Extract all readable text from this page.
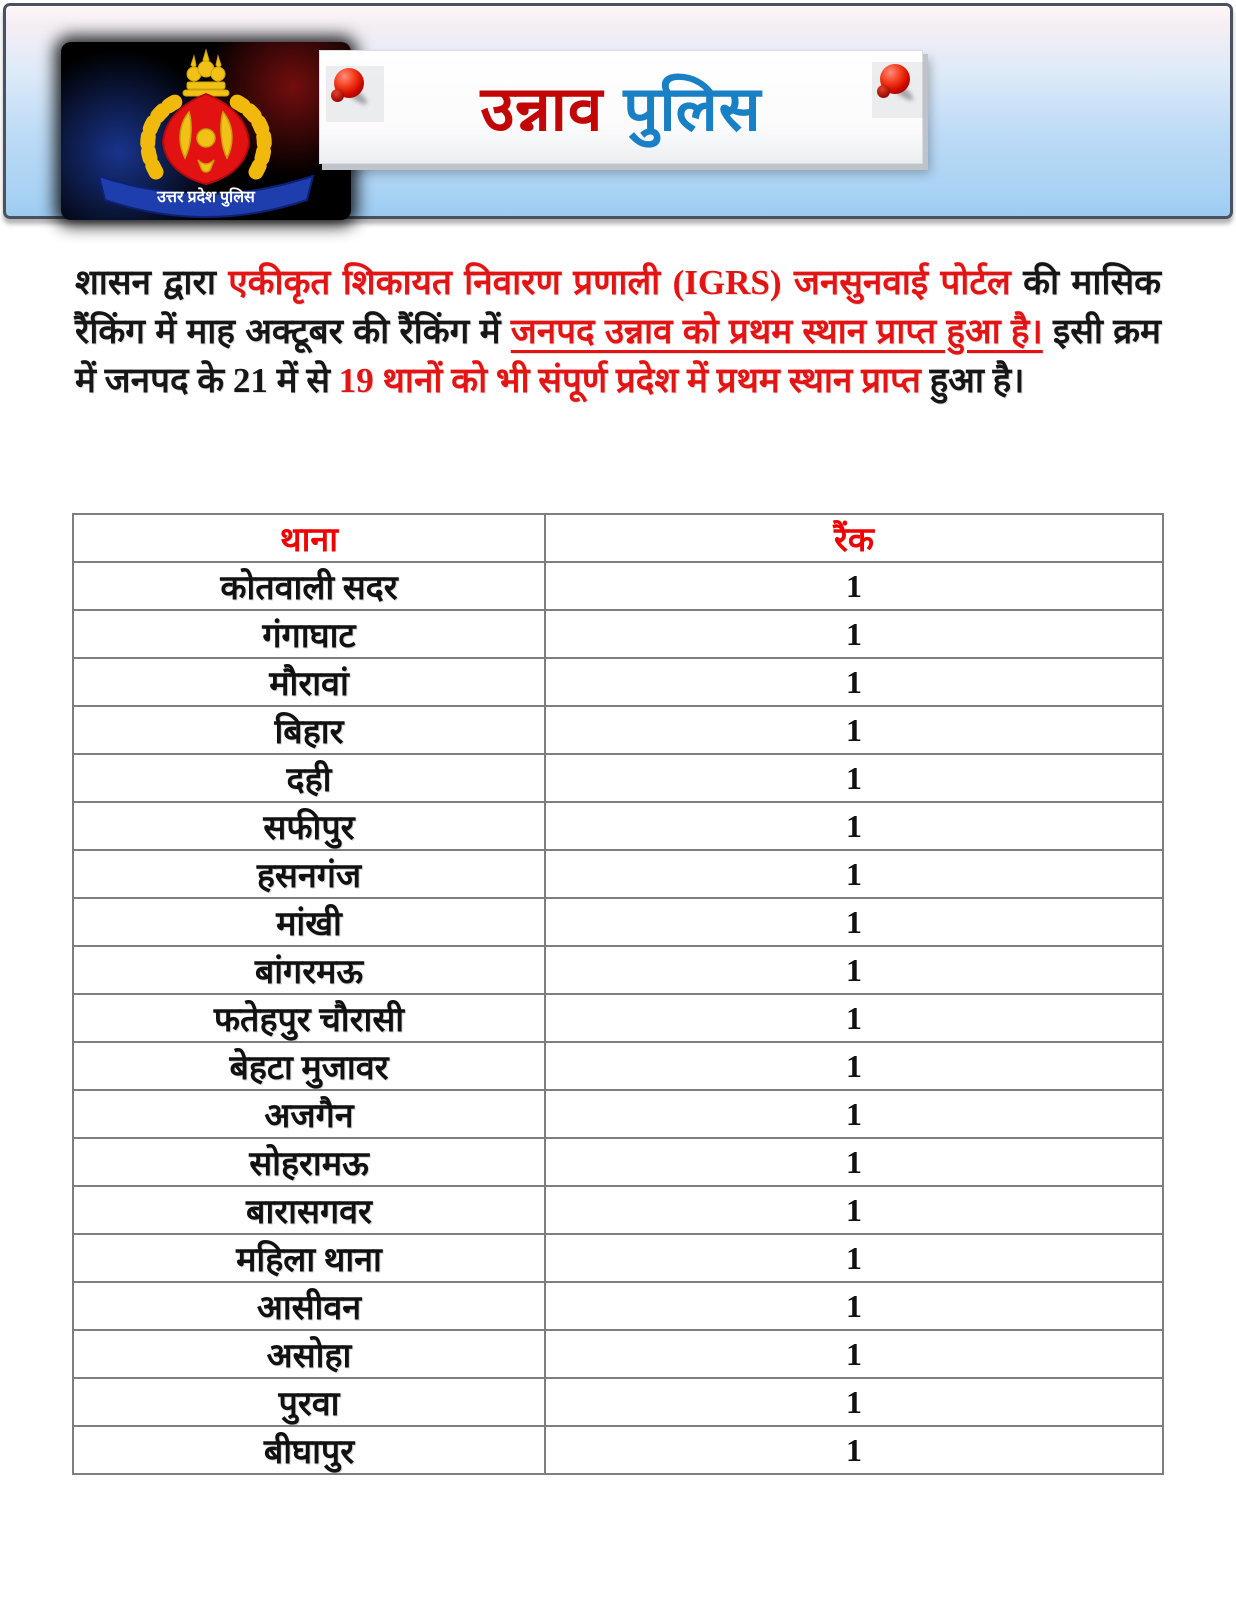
उत्तर प्रदेश पुलिस
उन्नाव पुलिस
शासन द्वारा एकीकृत शिकायत निवारण प्रणाली (IGRS) जनसुनवाई पोर्टल की मासिक रैंकिंग में माह अक्टूबर की रैंकिंग में जनपद उन्नाव को प्रथम स्थान प्राप्त हुआ है। इसी क्रम में जनपद के 21 में से 19 थानों को भी संपूर्ण प्रदेश में प्रथम स्थान प्राप्त हुआ है।
थाना	रैंक
कोतवाली सदर	1
गंगाघाट	1
मौरावां	1
बिहार	1
दही	1
सफीपुर	1
हसनगंज	1
मांखी	1
बांगरमऊ	1
फतेहपुर चौरासी	1
बेहटा मुजावर	1
अजगैन	1
सोहरामऊ	1
बारासगवर	1
महिला थाना	1
आसीवन	1
असोहा	1
पुरवा	1
बीघापुर	1
